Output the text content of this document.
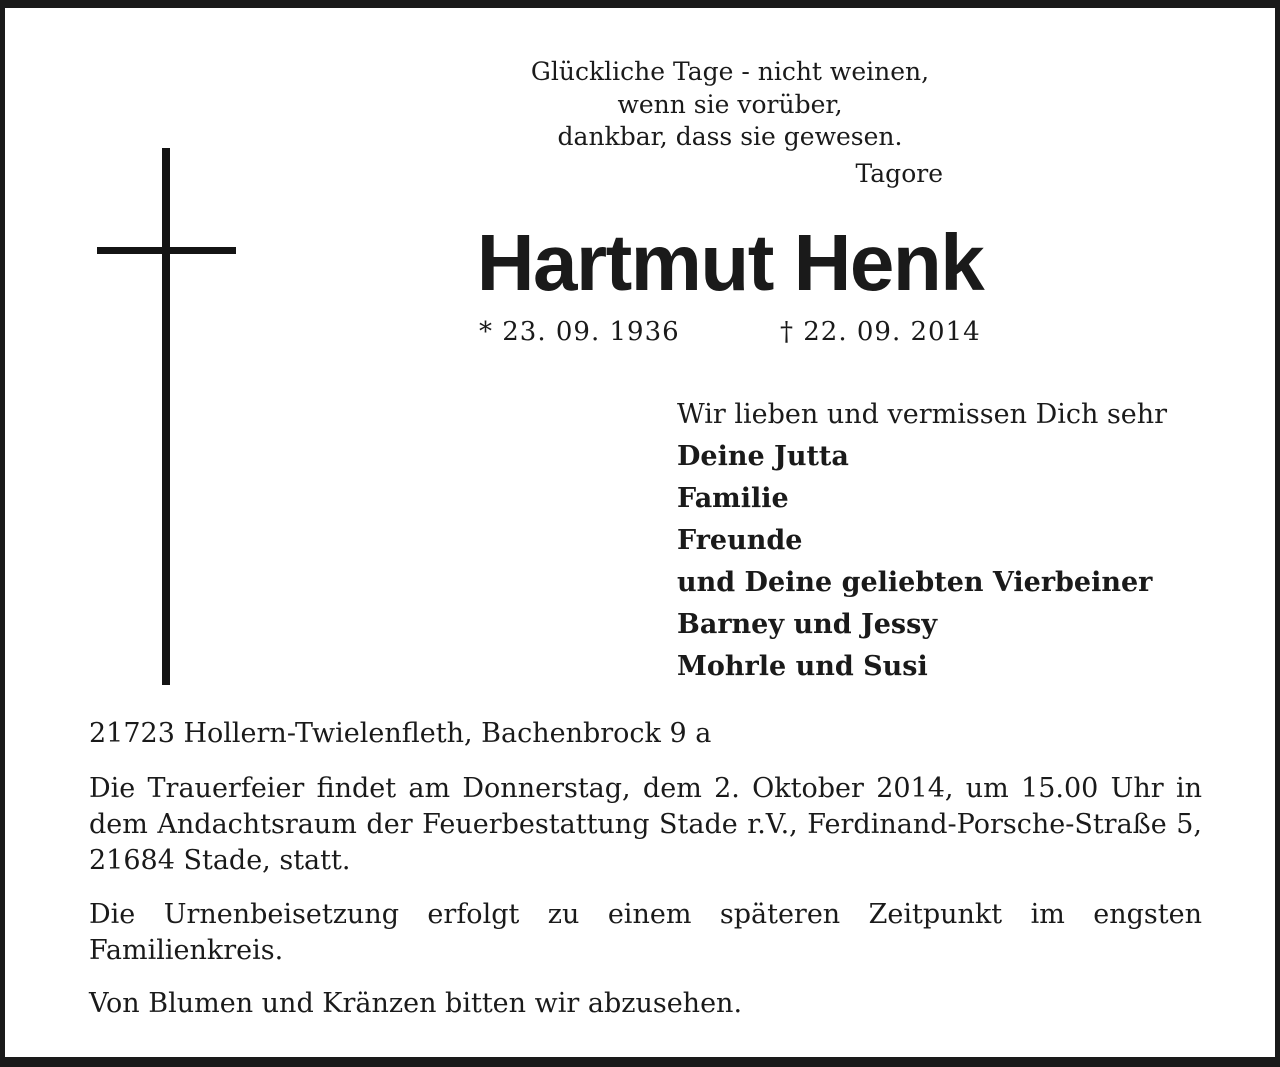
Glückliche Tage - nicht weinen,
wenn sie vorüber,
dankbar, dass sie gewesen.
Tagore
Hartmut Henk
* 23. 09. 1936	† 22. 09. 2014
Wir lieben und vermissen Dich sehr
Deine Jutta
Familie
Freunde
und Deine geliebten Vierbeiner
Barney und Jessy
Mohrle und Susi
21723 Hollern-Twielenfleth, Bachenbrock 9 a
Die Trauerfeier findet am Donnerstag, dem 2. Oktober 2014, um 15.00 Uhr in dem Andachtsraum der Feuerbestattung Stade r.V., Ferdinand-Porsche-Straße 5, 21684 Stade, statt.
Die Urnenbeisetzung erfolgt zu einem späteren Zeitpunkt im engsten Familienkreis.
Von Blumen und Kränzen bitten wir abzusehen.
